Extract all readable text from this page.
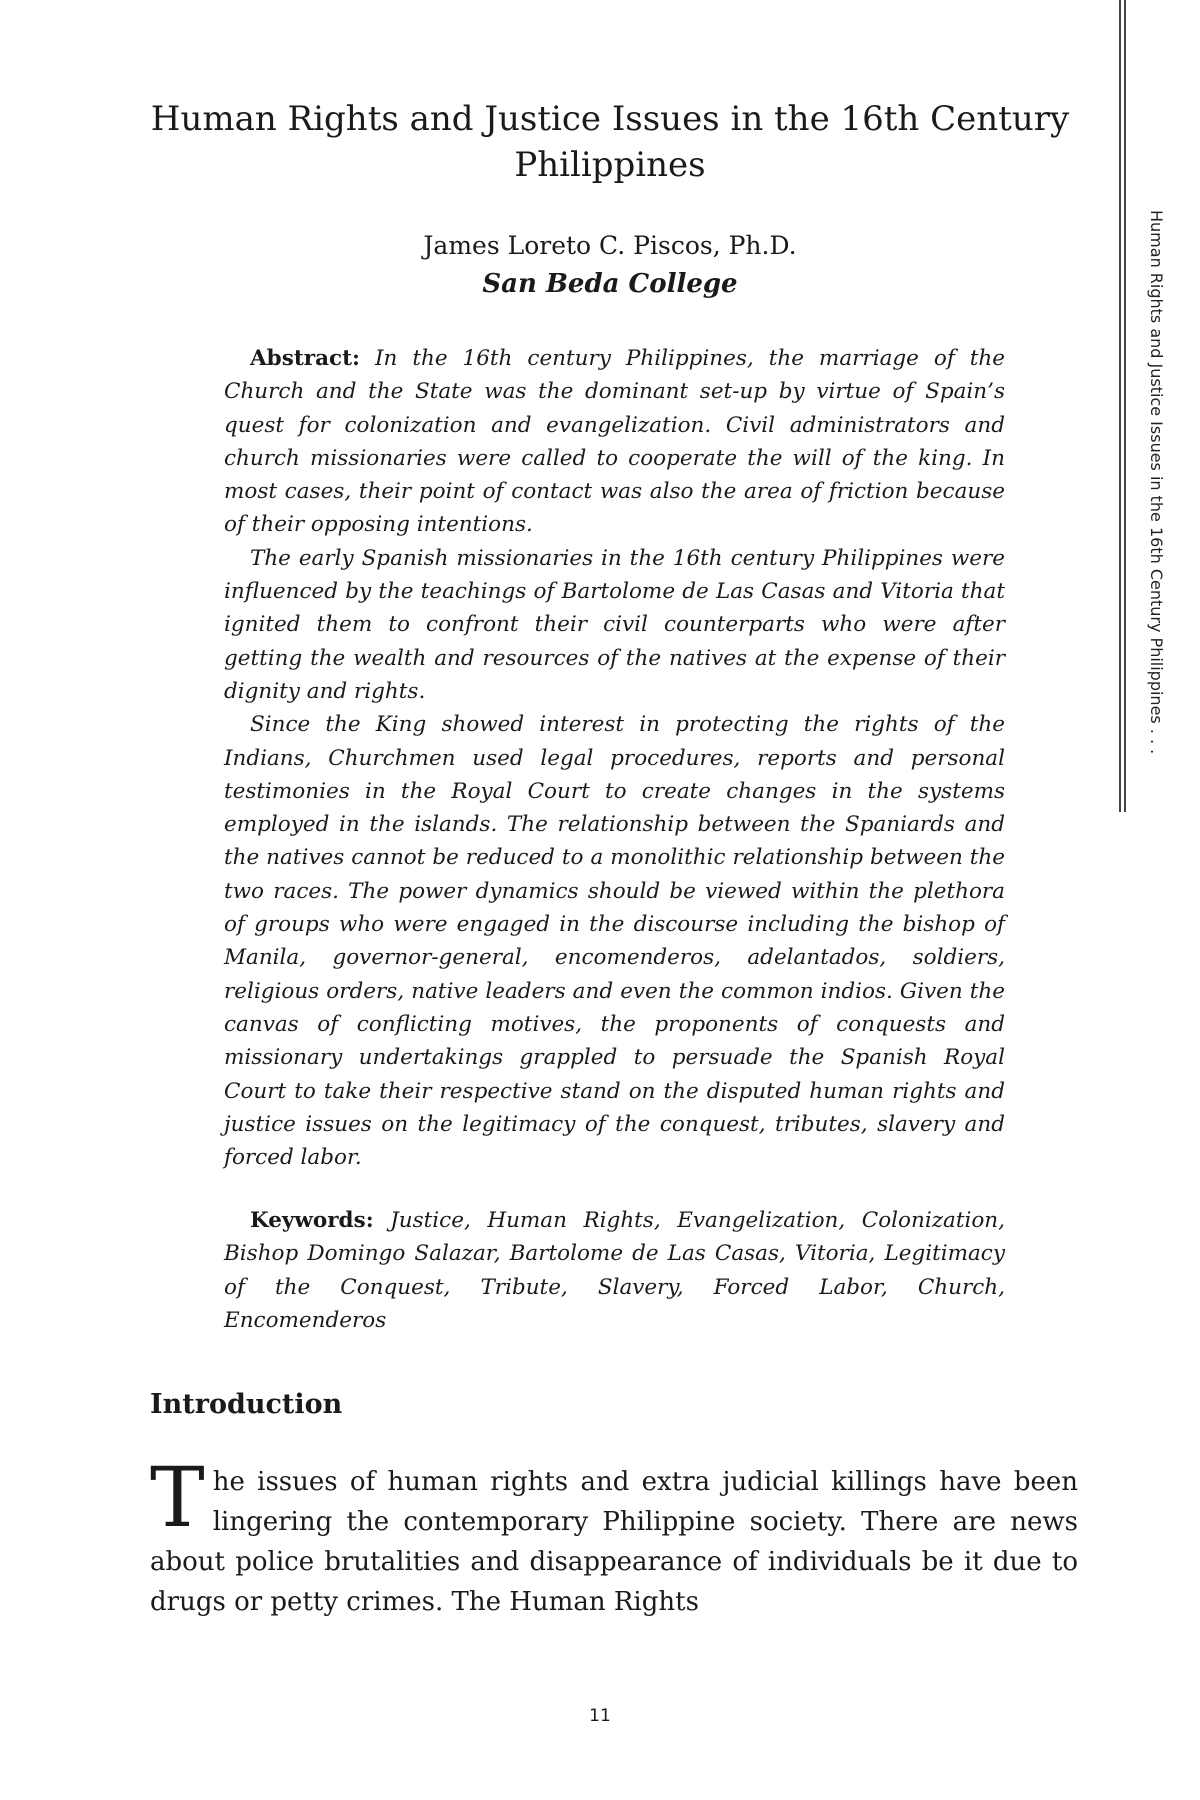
Human Rights and Justice Issues in the 16th Century Philippines . . .
Human Rights and Justice Issues in the 16th Century Philippines
James Loreto C. Piscos, Ph.D.
San Beda College

Abstract: In the 16th century Philippines, the marriage of the Church and the State was the dominant set-up by virtue of Spain’s quest for colonization and evangelization. Civil administrators and church missionaries were called to cooperate the will of the king. In most cases, their point of contact was also the area of friction because of their opposing intentions.

The early Spanish missionaries in the 16th century Philippines were influenced by the teachings of Bartolome de Las Casas and Vitoria that ignited them to confront their civil counterparts who were after getting the wealth and resources of the natives at the expense of their dignity and rights.

Since the King showed interest in protecting the rights of the Indians, Churchmen used legal procedures, reports and personal testimonies in the Royal Court to create changes in the systems employed in the islands. The relationship between the Spaniards and the natives cannot be reduced to a monolithic relationship between the two races. The power dynamics should be viewed within the plethora of groups who were engaged in the discourse including the bishop of Manila, governor-general, encomenderos, adelantados, soldiers, religious orders, native leaders and even the common indios. Given the canvas of conflicting motives, the proponents of conquests and missionary undertakings grappled to persuade the Spanish Royal Court to take their respective stand on the disputed human rights and justice issues on the legitimacy of the conquest, tributes, slavery and forced labor.

Keywords: Justice, Human Rights, Evangelization, Colonization, Bishop Domingo Salazar, Bartolome de Las Casas, Vitoria, Legitimacy of the Conquest, Tribute, Slavery, Forced Labor, Church, Encomenderos

Introduction

The issues of human rights and extra judicial killings have been lingering the contemporary Philippine society. There are news about police brutalities and disappearance of individuals be it due to drugs or petty crimes. The Human Rights

11
